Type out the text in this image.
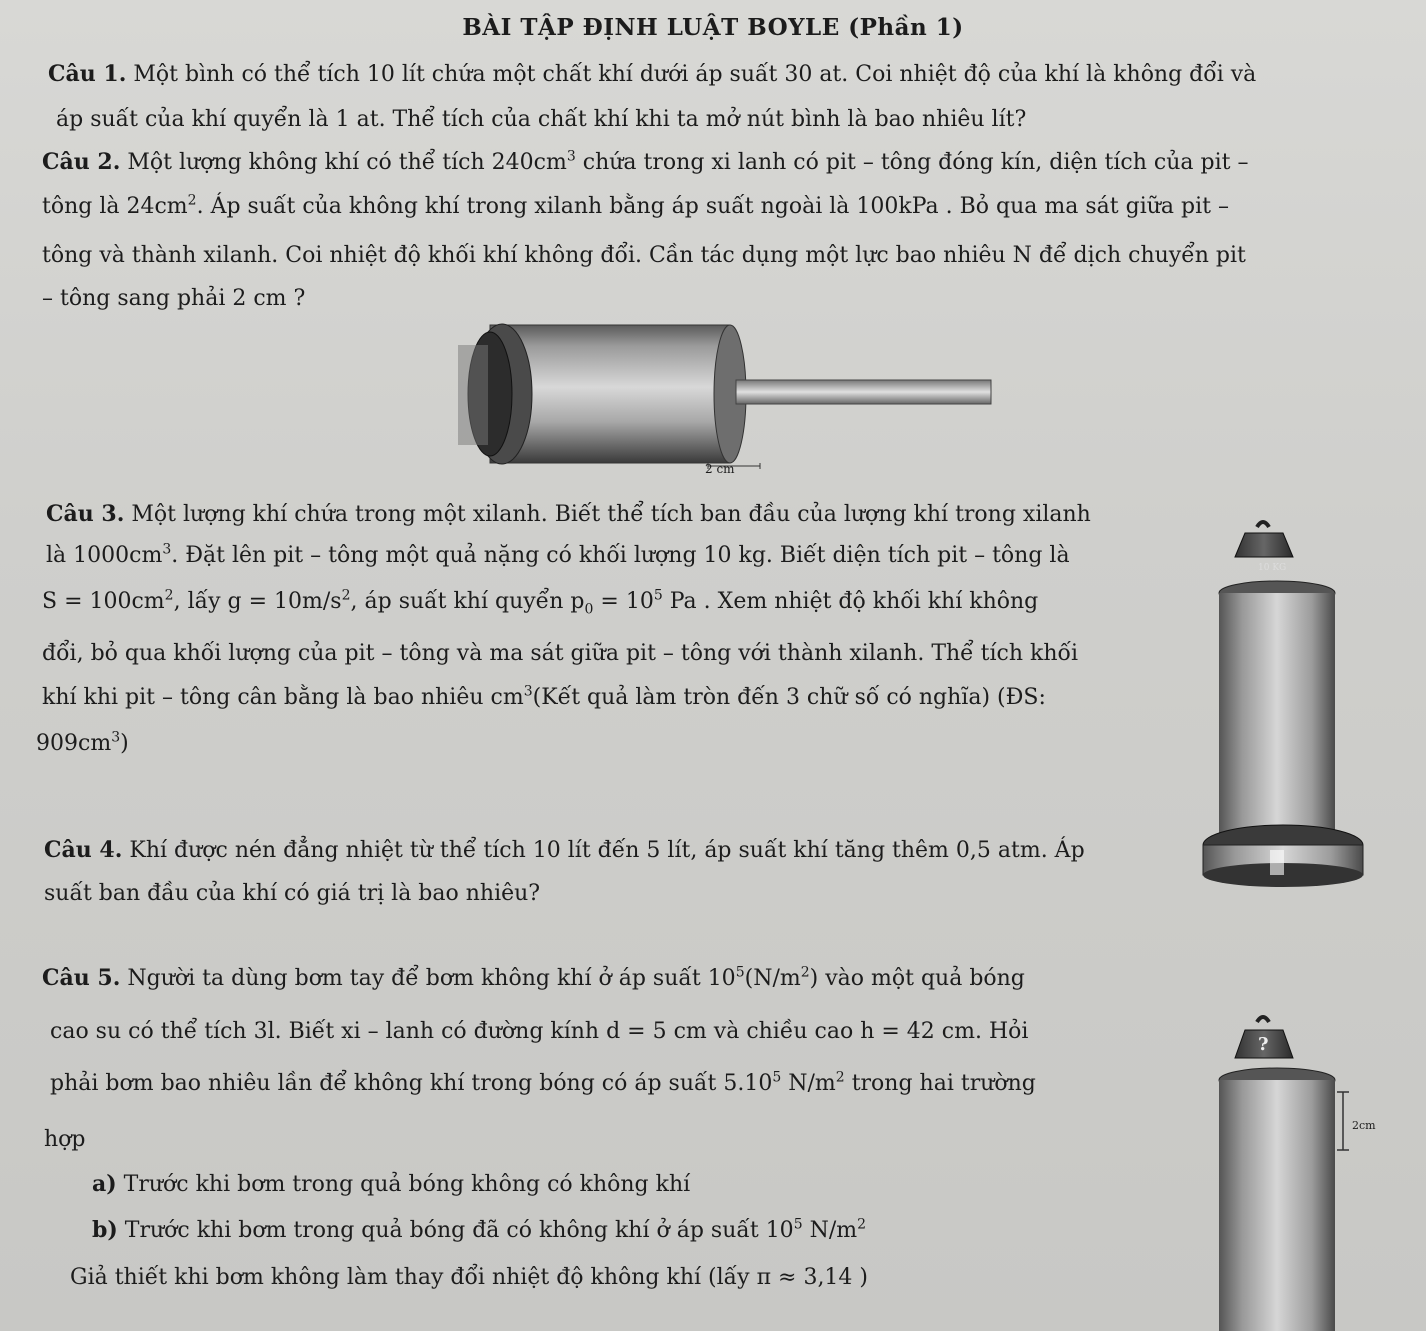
BÀI TẬP ĐỊNH LUẬT BOYLE (Phần 1)
Câu 1. Một bình có thể tích 10 lít chứa một chất khí dưới áp suất 30 at. Coi nhiệt độ của khí là không đổi và
áp suất của khí quyển là 1 at. Thể tích của chất khí khi ta mở nút bình là bao nhiêu lít?
Câu 2. Một lượng không khí có thể tích $240cm^3$ chứa trong xi lanh có pit – tông đóng kín, diện tích của pit –
tông là $24cm^2$. Áp suất của không khí trong xilanh bằng áp suất ngoài là 100kPa . Bỏ qua ma sát giữa pit –
tông và thành xilanh. Coi nhiệt độ khối khí không đổi. Cần tác dụng một lực bao nhiêu N để dịch chuyển pit
– tông sang phải 2 cm ?
2 cm
Câu 3. Một lượng khí chứa trong một xilanh. Biết thể tích ban đầu của lượng khí trong xilanh
là $1000cm^3$. Đặt lên pit – tông một quả nặng có khối lượng 10 kg. Biết diện tích pit – tông là
$S = 100cm^2$, lấy $g = 10m/s^2$, áp suất khí quyển $p_0 = 10^5$ Pa . Xem nhiệt độ khối khí không
đổi, bỏ qua khối lượng của pit – tông và ma sát giữa pit – tông với thành xilanh. Thể tích khối
khí khi pit – tông cân bằng là bao nhiêu $cm^3(Kết$ quả làm tròn đến 3 chữ số có nghĩa) (ĐS:
$909cm^3$)
10 KG
Câu 4. Khí được nén đẳng nhiệt từ thể tích 10 lít đến 5 lít, áp suất khí tăng thêm 0,5 atm. Áp
suất ban đầu của khí có giá trị là bao nhiêu?
Câu 5. Người ta dùng bơm tay để bơm không khí ở áp suất $10^5(N/m^2)$ vào một quả bóng
cao su có thể tích 3l. Biết xi – lanh có đường kính d = 5 cm và chiều cao h = 42 cm. Hỏi
phải bơm bao nhiêu lần để không khí trong bóng có áp suất 5.10$^5$ $N/m^2$ trong hai trường
hợp
a) Trước khi bơm trong quả bóng không có không khí
b) Trước khi bơm trong quả bóng đã có không khí ở áp suất $10^5$ $N/m^2$
Giả thiết khi bơm không làm thay đổi nhiệt độ không khí (lấy π ≈ 3,14 )
?
2cm
